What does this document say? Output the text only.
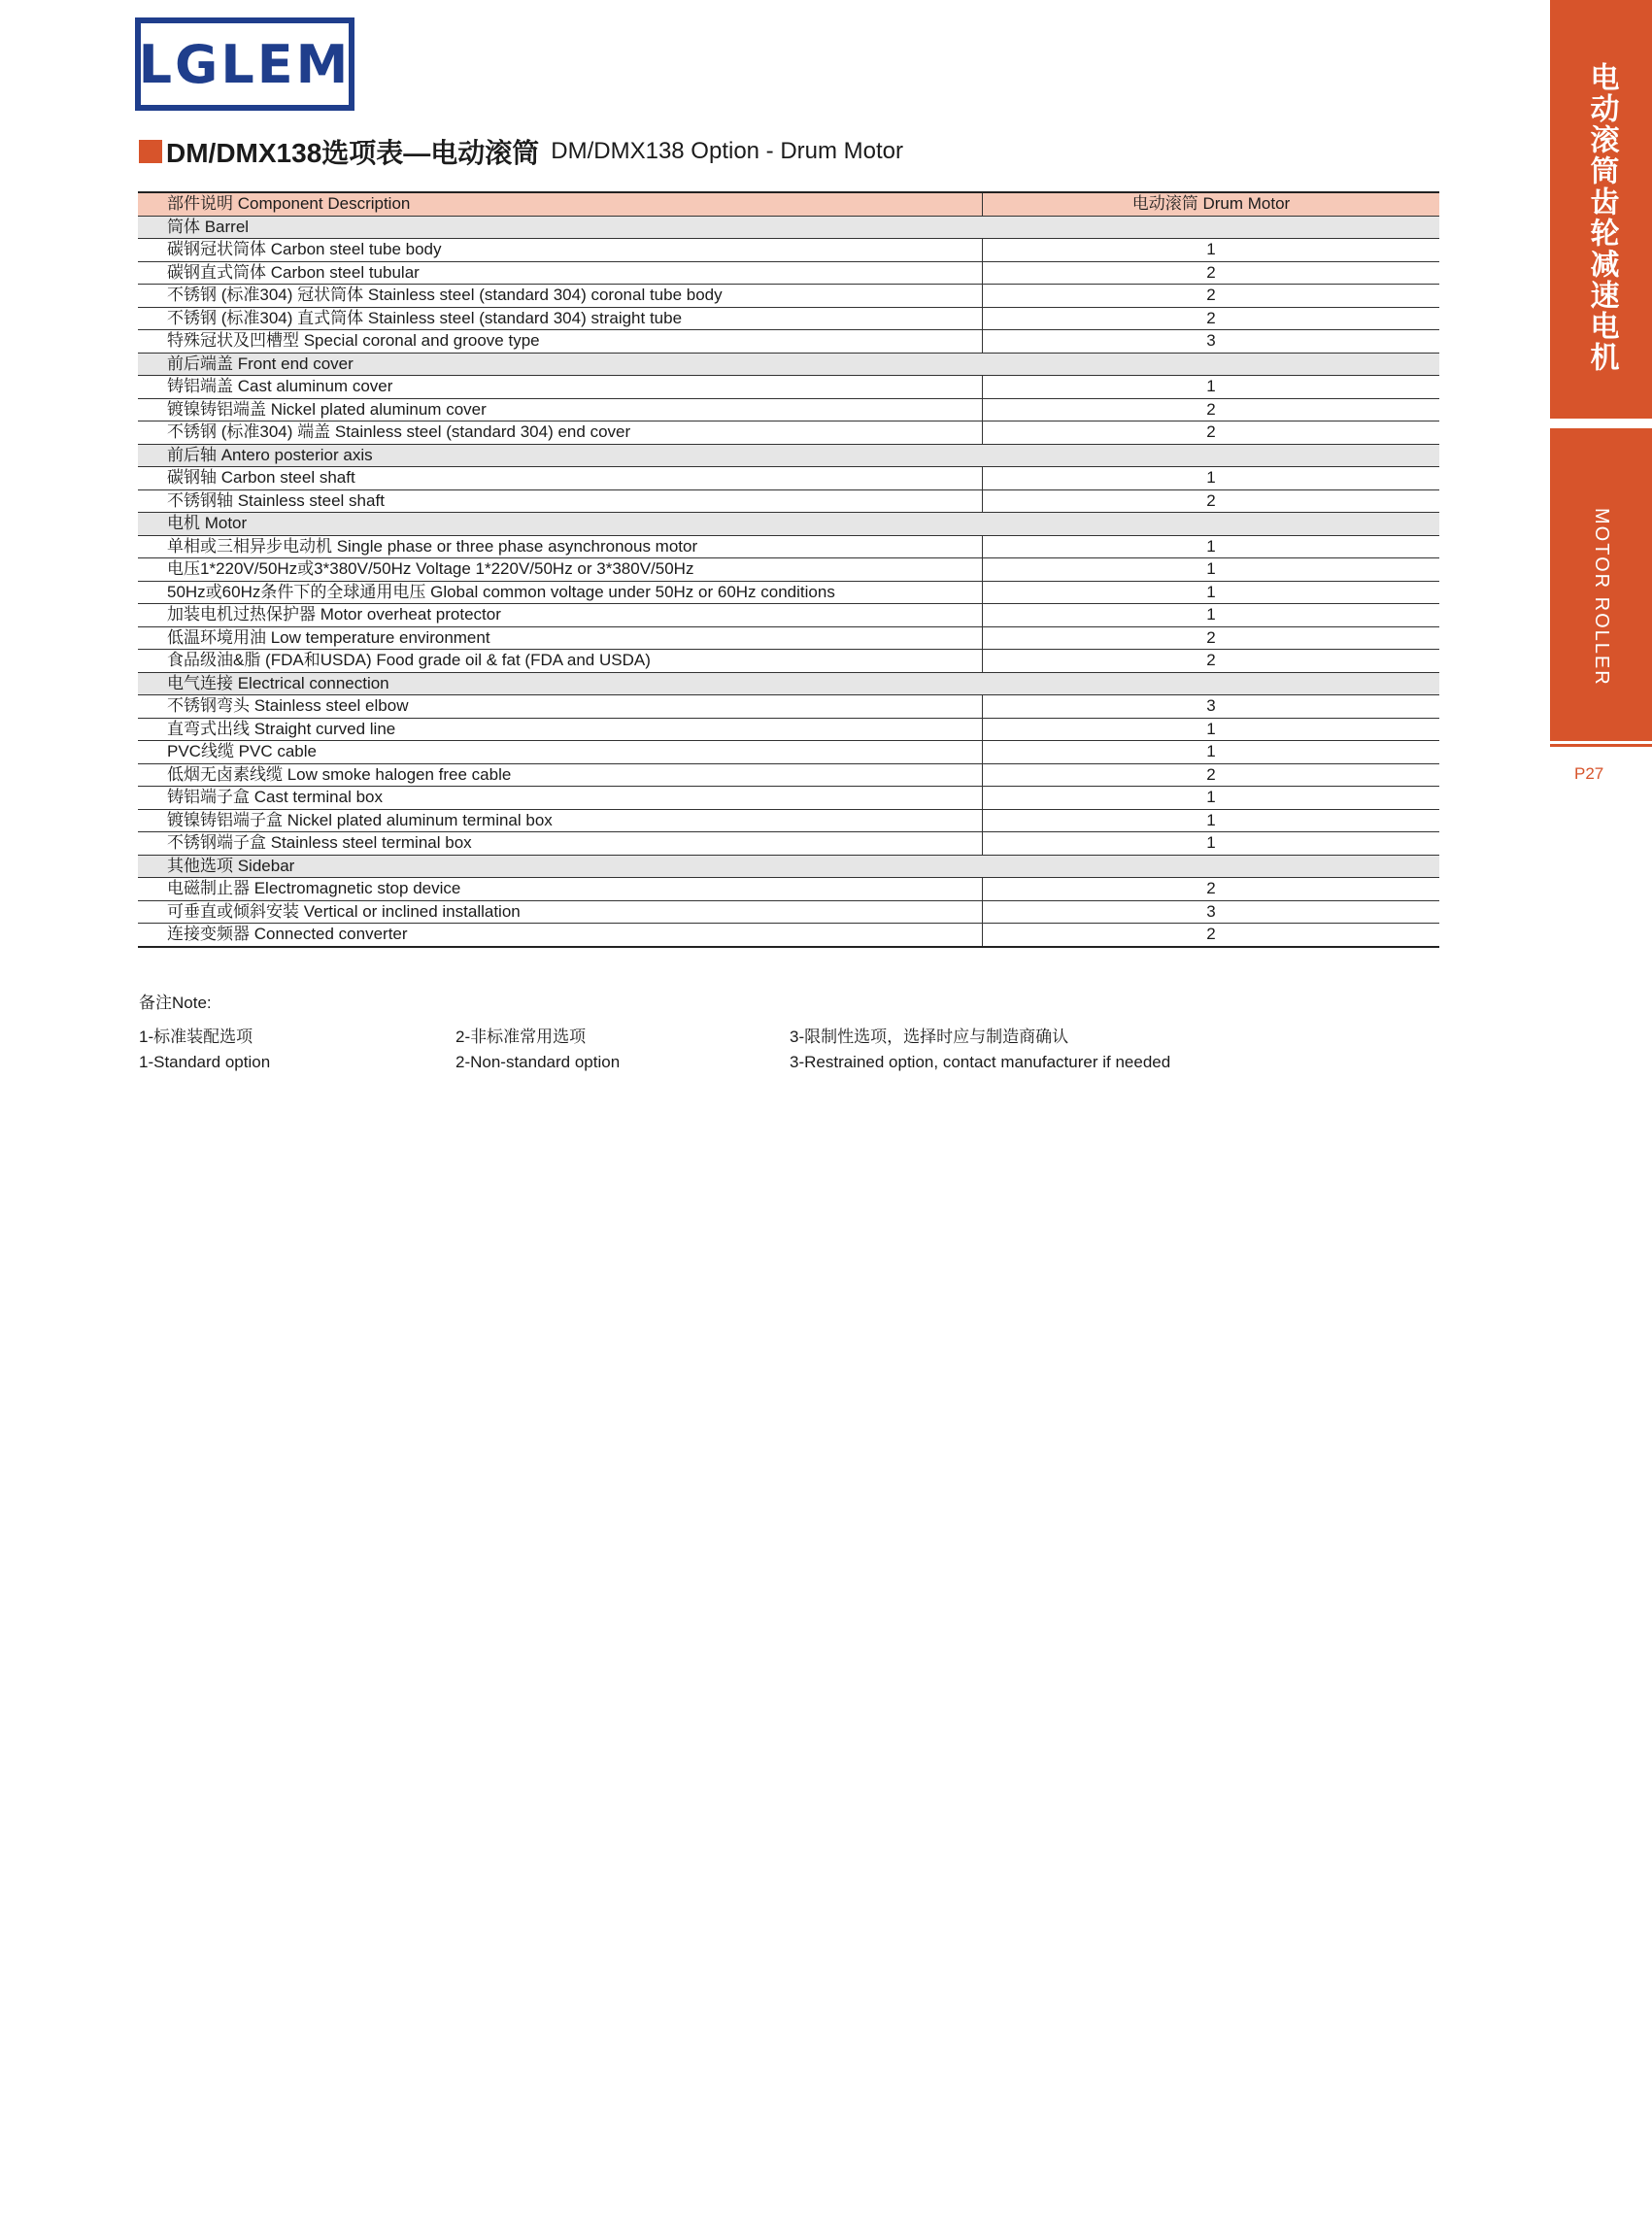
LGLEM
DM/DMX138选项表—电动滚筒 DM/DMX138 Option - Drum Motor
部件说明 Component Description	电动滚筒 Drum Motor
筒体 Barrel	
碳钢冠状筒体 Carbon steel tube body	1
碳钢直式筒体 Carbon steel tubular	2
不锈钢 (标准304) 冠状筒体 Stainless steel (standard 304) coronal tube body	2
不锈钢 (标准304) 直式筒体 Stainless steel (standard 304) straight tube	2
特殊冠状及凹槽型 Special coronal and groove type	3
前后端盖 Front end cover	
铸铝端盖 Cast aluminum cover	1
镀镍铸铝端盖 Nickel plated aluminum cover	2
不锈钢 (标准304) 端盖 Stainless steel (standard 304) end cover	2
前后轴 Antero posterior axis	
碳钢轴 Carbon steel shaft	1
不锈钢轴 Stainless steel shaft	2
电机 Motor	
单相或三相异步电动机 Single phase or three phase asynchronous motor	1
电压1*220V/50Hz或3*380V/50Hz Voltage 1*220V/50Hz or 3*380V/50Hz	1
50Hz或60Hz条件下的全球通用电压 Global common voltage under 50Hz or 60Hz conditions	1
加装电机过热保护器 Motor overheat protector	1
低温环境用油 Low temperature environment	2
食品级油&脂 (FDA和USDA) Food grade oil & fat (FDA and USDA)	2
电气连接 Electrical connection	
不锈钢弯头 Stainless steel elbow	3
直弯式出线 Straight curved line	1
PVC线缆 PVC cable	1
低烟无卤素线缆 Low smoke halogen free cable	2
铸铝端子盒 Cast terminal box	1
镀镍铸铝端子盒 Nickel plated aluminum terminal box	1
不锈钢端子盒 Stainless steel terminal box	1
其他选项 Sidebar	
电磁制止器 Electromagnetic stop device	2
可垂直或倾斜安装 Vertical or inclined installation	3
连接变频器 Connected converter	2
备注Note:
1-标准装配选项	2-非标准常用选项	3-限制性选项，选择时应与制造商确认
1-Standard option	2-Non-standard option	3-Restrained option, contact manufacturer if needed
电动滚筒齿轮减速电机
MOTOR ROLLER
P27
